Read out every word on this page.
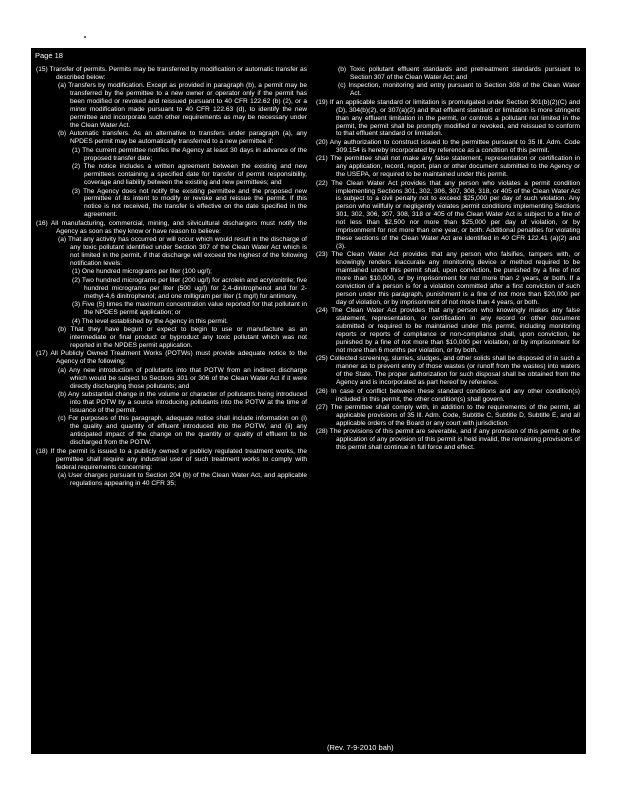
Page 18

(15) Transfer of permits. Permits may be transferred by modification or automatic transfer as described below:

(a) Transfers by modification. Except as provided in paragraph (b), a permit may be transferred by the permittee to a new owner or operator only if the permit has been modified or revoked and reissued pursuant to 40 CFR 122.62 (b) (2), or a minor modification made pursuant to 40 CFR 122.63 (d), to identify the new permittee and incorporate such other requirements as may be necessary under the Clean Water Act.

(b) Automatic transfers. As an alternative to transfers under paragraph (a), any NPDES permit may be automatically transferred to a new permittee if:

(1) The current permittee notifies the Agency at least 30 days in advance of the proposed transfer date;

(2) The notice includes a written agreement between the existing and new permittees containing a specified date for transfer of permit responsibility, coverage and liability between the existing and new permittees; and

(3) The Agency does not notify the existing permittee and the proposed new permittee of its intent to modify or revoke and reissue the permit. If this notice is not received, the transfer is effective on the date specified in the agreement.

(16) All manufacturing, commercial, mining, and silvicultural dischargers must notify the Agency as soon as they know or have reason to believe:

(a) That any activity has occurred or will occur which would result in the discharge of any toxic pollutant identified under Section 307 of the Clean Water Act which is not limited in the permit, if that discharge will exceed the highest of the following notification levels:

(1) One hundred micrograms per liter (100 ug/l);

(2) Two hundred micrograms per liter (200 ug/l) for acrolein and acrylonitrile; five hundred micrograms per liter (500 ug/l) for 2,4-dinitrophenol and for 2-methyl-4,6 dinitrophenol; and one milligram per liter (1 mg/l) for antimony.

(3) Five (5) times the maximum concentration value reported for that pollutant in the NPDES permit application; or

(4) The level established by the Agency in this permit.

(b) That they have begun or expect to begin to use or manufacture as an intermediate or final product or byproduct any toxic pollutant which was not reported in the NPDES permit application.

(17) All Publicly Owned Treatment Works (POTWs) must provide adequate notice to the Agency of the following:

(a) Any new introduction of pollutants into that POTW from an indirect discharge which would be subject to Sections 301 or 306 of the Clean Water Act if it were directly discharging those pollutants; and

(b) Any substantial change in the volume or character of pollutants being introduced into that POTW by a source introducing pollutants into the POTW at the time of issuance of the permit.

(c) For purposes of this paragraph, adequate notice shall include information on (i) the quality and quantity of effluent introduced into the POTW, and (ii) any anticipated impact of the change on the quantity or quality of effluent to be discharged from the POTW.

(18) If the permit is issued to a publicly owned or publicly regulated treatment works, the permittee shall require any industrial user of such treatment works to comply with federal requirements concerning:

(a) User charges pursuant to Section 204 (b) of the Clean Water Act, and applicable regulations appearing in 40 CFR 35;

(b) Toxic pollutant effluent standards and pretreatment standards pursuant to Section 307 of the Clean Water Act; and

(c) Inspection, monitoring and entry pursuant to Section 308 of the Clean Water Act.

(19) If an applicable standard or limitation is promulgated under Section 301(b)(2)(C) and (D), 304(b)(2), or 307(a)(2) and that effluent standard or limitation is more stringent than any effluent limitation in the permit, or controls a pollutant not limited in the permit, the permit shall be promptly modified or revoked, and reissued to conform to that effluent standard or limitation.

(20) Any authorization to construct issued to the permittee pursuant to 35 Ill. Adm. Code 309.154 is hereby incorporated by reference as a condition of this permit.

(21) The permittee shall not make any false statement, representation or certification in any application, record, report, plan or other document submitted to the Agency or the USEPA, or required to be maintained under this permit.

(22) The Clean Water Act provides that any person who violates a permit condition implementing Sections 301, 302, 306, 307, 308, 318, or 405 of the Clean Water Act is subject to a civil penalty not to exceed $25,000 per day of such violation. Any person who willfully or negligently violates permit conditions implementing Sections 301, 302, 306, 307, 308, 318 or 405 of the Clean Water Act is subject to a fine of not less than $2,500 nor more than $25,000 per day of violation, or by imprisonment for not more than one year, or both. Additional penalties for violating these sections of the Clean Water Act are identified in 40 CFR 122.41 (a)(2) and (3).

(23) The Clean Water Act provides that any person who falsifies, tampers with, or knowingly renders inaccurate any monitoring device or method required to be maintained under this permit shall, upon conviction, be punished by a fine of not more than $10,000, or by imprisonment for not more than 2 years, or both. If a conviction of a person is for a violation committed after a first conviction of such person under this paragraph, punishment is a fine of not more than $20,000 per day of violation, or by imprisonment of not more than 4 years, or both.

(24) The Clean Water Act provides that any person who knowingly makes any false statement, representation, or certification in any record or other document submitted or required to be maintained under this permit, including monitoring reports or reports of compliance or non-compliance shall, upon conviction, be punished by a fine of not more than $10,000 per violation, or by imprisonment for not more than 6 months per violation, or by both.

(25) Collected screening, slurries, sludges, and other solids shall be disposed of in such a manner as to prevent entry of those wastes (or runoff from the wastes) into waters of the State. The proper authorization for such disposal shall be obtained from the Agency and is incorporated as part hereof by reference.

(26) In case of conflict between these standard conditions and any other condition(s) included in this permit, the other condition(s) shall govern.

(27) The permittee shall comply with, in addition to the requirements of the permit, all applicable provisions of 35 Ill. Adm. Code, Subtitle C, Subtitle D, Subtitle E, and all applicable orders of the Board or any court with jurisdiction.

(28) The provisions of this permit are severable, and if any provision of this permit, or the application of any provision of this permit is held invalid, the remaining provisions of this permit shall continue in full force and effect.

(Rev. 7-9-2010 bah)
